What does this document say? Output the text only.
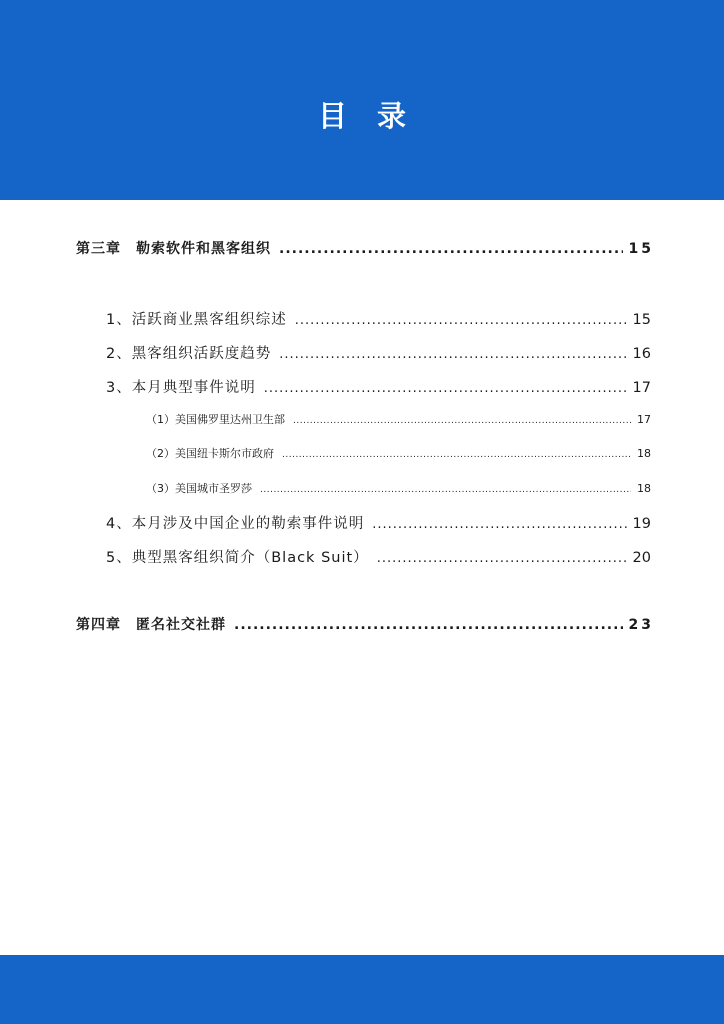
目录
第三章　勒索软件和黑客组织 .....	15
1、活跃商业黑客组织综述 .....	15
2、黑客组织活跃度趋势 .....	16
3、本月典型事件说明 .....	17
（1）美国佛罗里达州卫生部 .....	17
（2）美国纽卡斯尔市政府 .....	18
（3）美国城市圣罗莎 .....	18
4、本月涉及中国企业的勒索事件说明 .....	19
5、典型黑客组织简介（Black Suit） .....	20
第四章　匿名社交社群 .....	23
